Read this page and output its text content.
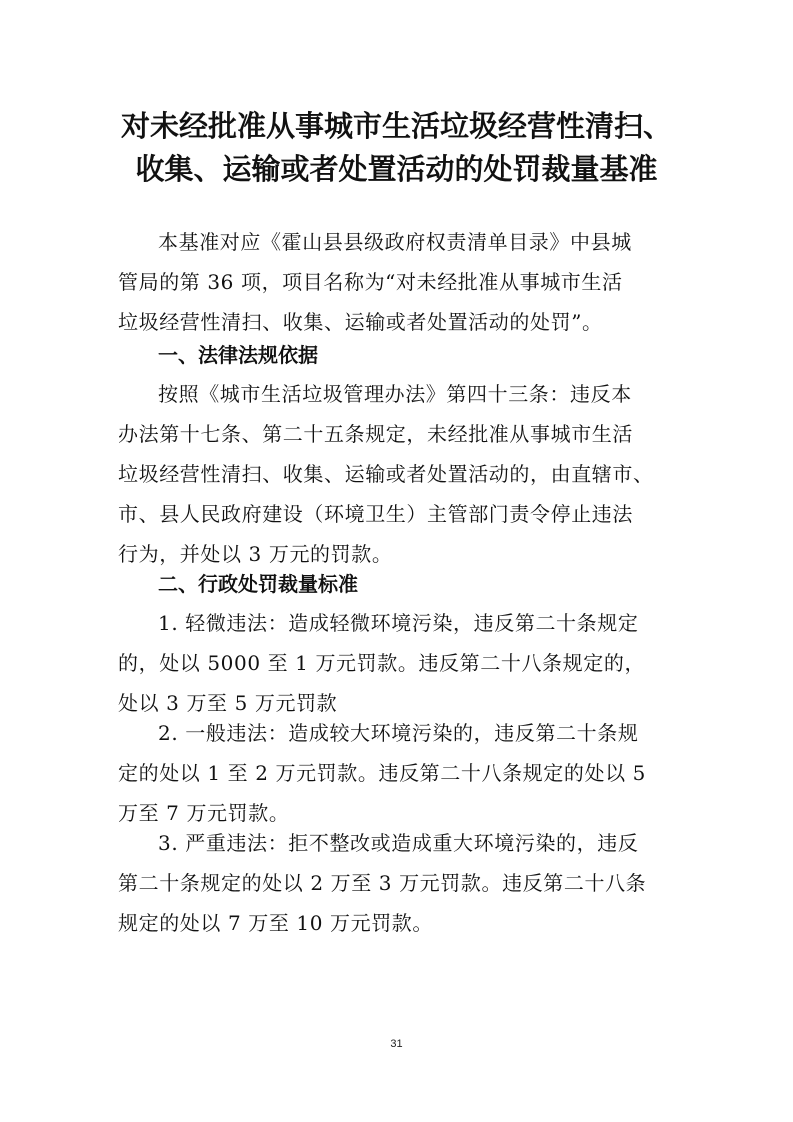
对未经批准从事城市生活垃圾经营性清扫、
收集、运输或者处置活动的处罚裁量基准
本基准对应《霍山县县级政府权责清单目录》中县城
管局的第 36 项，项目名称为“对未经批准从事城市生活
垃圾经营性清扫、收集、运输或者处置活动的处罚”。
一、法律法规依据
按照《城市生活垃圾管理办法》第四十三条：违反本
办法第十七条、第二十五条规定，未经批准从事城市生活
垃圾经营性清扫、收集、运输或者处置活动的，由直辖市、
市、县人民政府建设（环境卫生）主管部门责令停止违法
行为，并处以 3 万元的罚款。
二、行政处罚裁量标准
1. 轻微违法：造成轻微环境污染，违反第二十条规定
的，处以 5000 至 1 万元罚款。违反第二十八条规定的，
处以 3 万至 5 万元罚款
2. 一般违法：造成较大环境污染的，违反第二十条规
定的处以 1 至 2 万元罚款。违反第二十八条规定的处以 5
万至 7 万元罚款。
3. 严重违法：拒不整改或造成重大环境污染的，违反
第二十条规定的处以 2 万至 3 万元罚款。违反第二十八条
规定的处以 7 万至 10 万元罚款。
31
